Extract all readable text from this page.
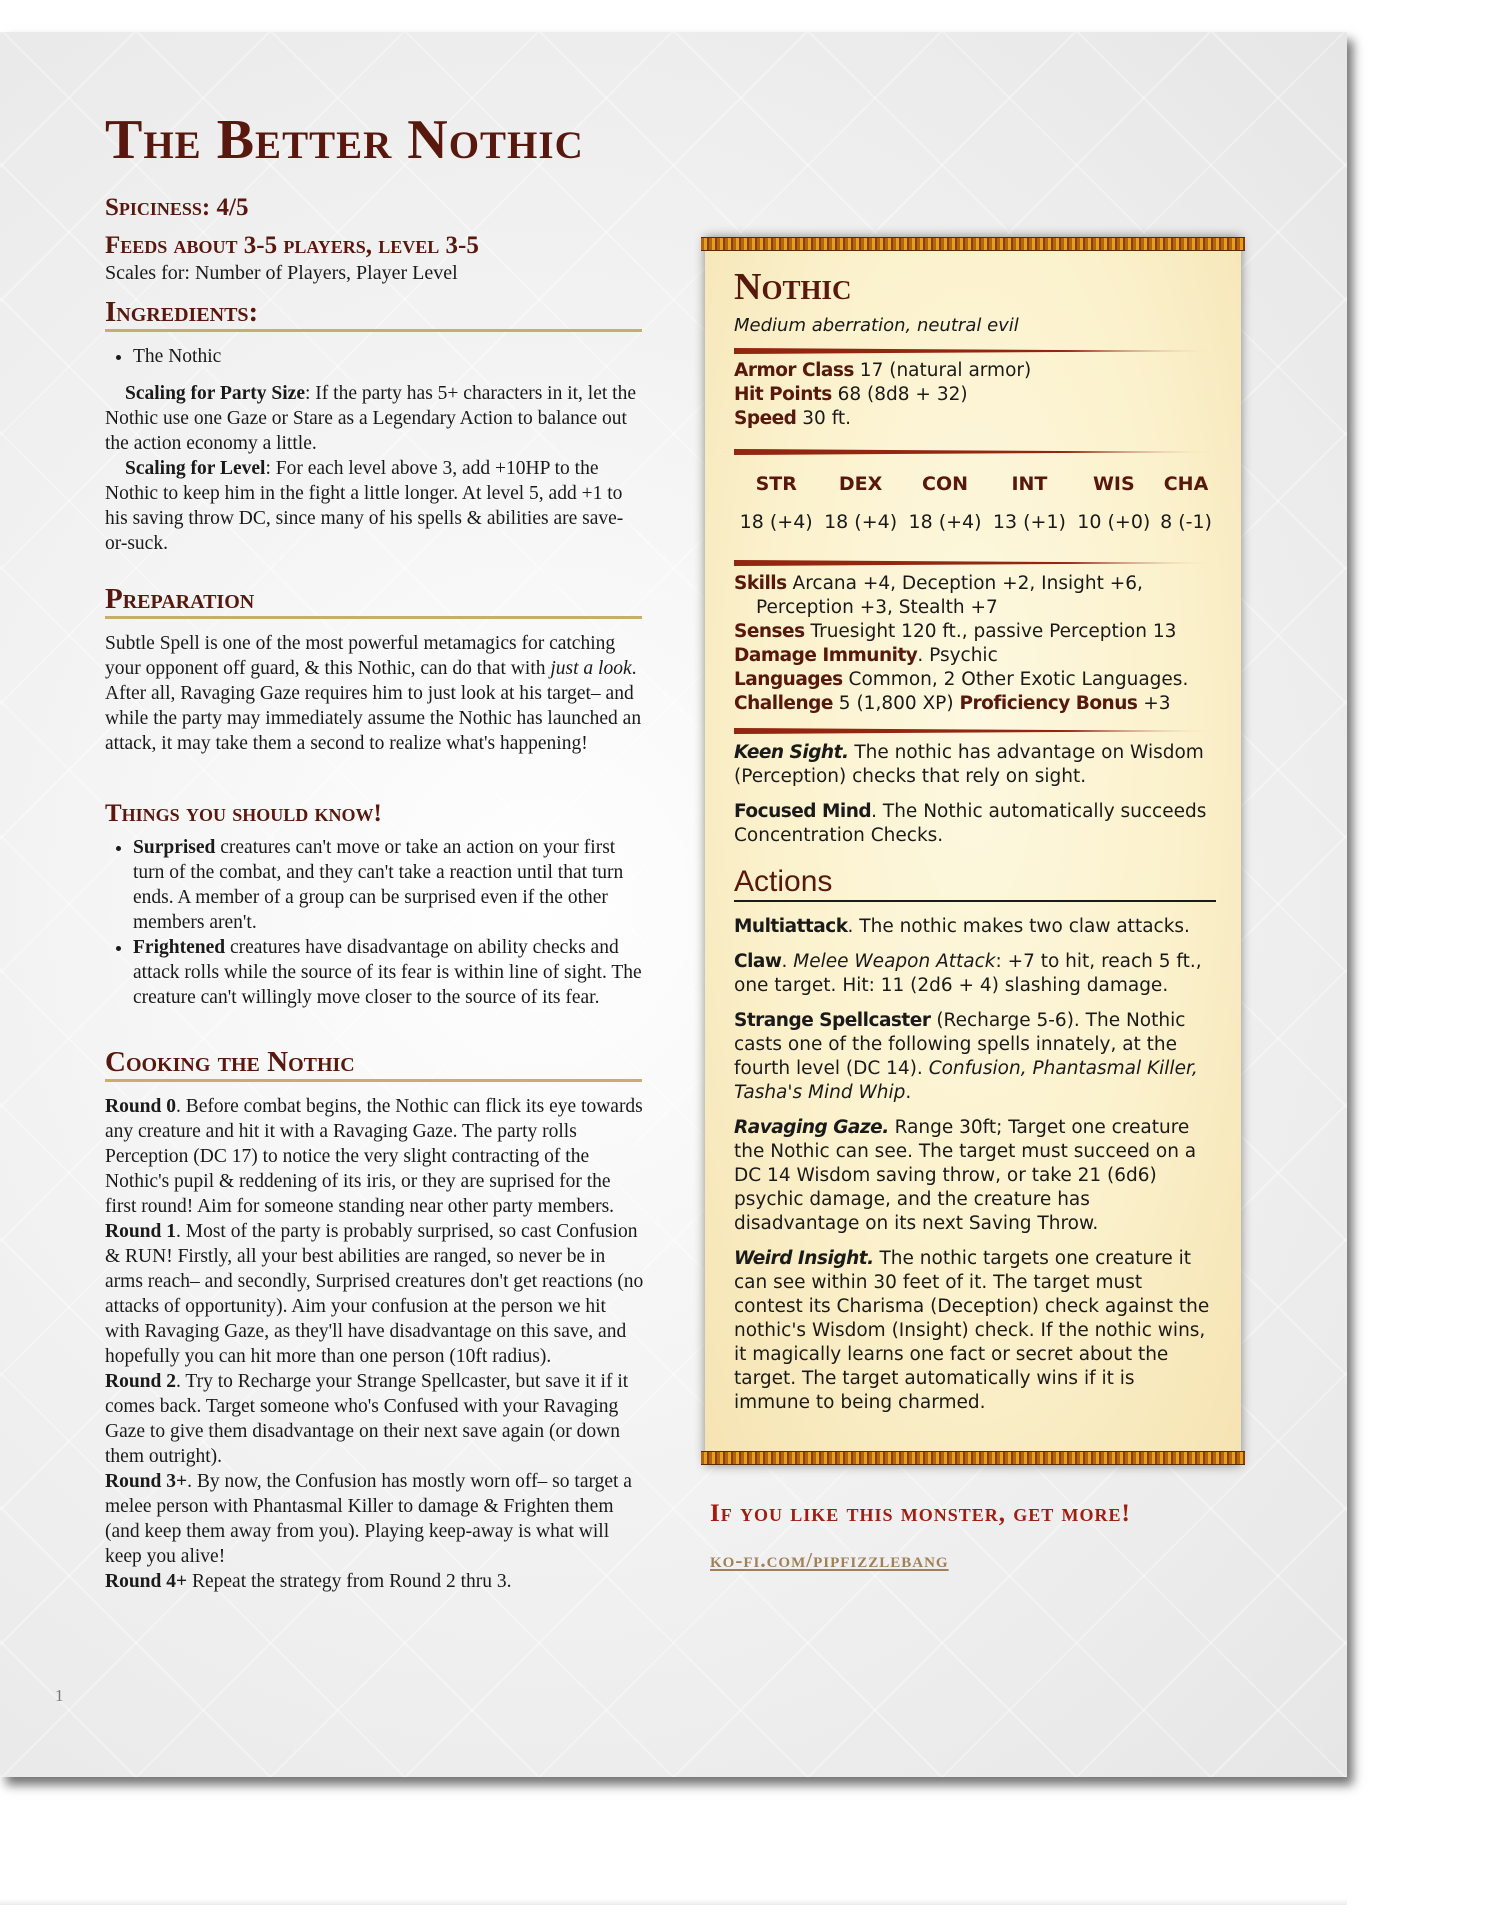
The Better Nothic
Spiciness: 4/5
Feeds about 3-5 players, level 3-5
Scales for: Number of Players, Player Level
Ingredients:
• The Nothic

Scaling for Party Size: If the party has 5+ characters in it, let the Nothic use one Gaze or Stare as a Legendary Action to balance out the action economy a little.

Scaling for Level: For each level above 3, add +10HP to the Nothic to keep him in the fight a little longer. At level 5, add +1 to his saving throw DC, since many of his spells & abilities are save-or-suck.

Preparation

Subtle Spell is one of the most powerful metamagics for catching your opponent off guard, & this Nothic, can do that with just a look. After all, Ravaging Gaze requires him to just look at his target– and while the party may immediately assume the Nothic has launched an attack, it may take them a second to realize what's happening!

Things you should know!
• Surprised creatures can't move or take an action on your first turn of the combat, and they can't take a reaction until that turn ends. A member of a group can be surprised even if the other members aren't.
• Frightened creatures have disadvantage on ability checks and attack rolls while the source of its fear is within line of sight. The creature can't willingly move closer to the source of its fear.
Cooking the Nothic

Round 0. Before combat begins, the Nothic can flick its eye towards any creature and hit it with a Ravaging Gaze. The party rolls Perception (DC 17) to notice the very slight contracting of the Nothic's pupil & reddening of its iris, or they are suprised for the first round! Aim for someone standing near other party members.

Round 1. Most of the party is probably surprised, so cast Confusion & RUN! Firstly, all your best abilities are ranged, so never be in arms reach– and secondly, Surprised creatures don't get reactions (no attacks of opportunity). Aim your confusion at the person we hit with Ravaging Gaze, as they'll have disadvantage on this save, and hopefully you can hit more than one person (10ft radius).

Round 2. Try to Recharge your Strange Spellcaster, but save it if it comes back. Target someone who's Confused with your Ravaging Gaze to give them disadvantage on their next save again (or down them outright).

Round 3+. By now, the Confusion has mostly worn off– so target a melee person with Phantasmal Killer to damage & Frighten them (and keep them away from you). Playing keep-away is what will keep you alive!

Round 4+ Repeat the strategy from Round 2 thru 3.

1
Nothic
Medium aberration, neutral evil
Armor Class 17 (natural armor)
Hit Points 68 (8d8 + 32)
Speed 30 ft.
STR	DEX	CON	INT	WIS	CHA
18 (+4)	18 (+4)	18 (+4)	13 (+1)	10 (+0)	8 (-1)
Skills Arcana +4, Deception +2, Insight +6,
Perception +3, Stealth +7
Senses Truesight 120 ft., passive Perception 13
Damage Immunity. Psychic
Languages Common, 2 Other Exotic Languages.
Challenge 5 (1,800 XP) Proficiency Bonus +3

Keen Sight. The nothic has advantage on Wisdom (Perception) checks that rely on sight.

Focused Mind. The Nothic automatically succeeds Concentration Checks.

Actions

Multiattack. The nothic makes two claw attacks.

Claw. Melee Weapon Attack: +7 to hit, reach 5 ft., one target. Hit: 11 (2d6 + 4) slashing damage.

Strange Spellcaster (Recharge 5-6). The Nothic casts one of the following spells innately, at the fourth level (DC 14). Confusion, Phantasmal Killer, Tasha's Mind Whip.

Ravaging Gaze. Range 30ft; Target one creature the Nothic can see. The target must succeed on a DC 14 Wisdom saving throw, or take 21 (6d6) psychic damage, and the creature has disadvantage on its next Saving Throw.

Weird Insight. The nothic targets one creature it can see within 30 feet of it. The target must contest its Charisma (Deception) check against the nothic's Wisdom (Insight) check. If the nothic wins, it magically learns one fact or secret about the target. The target automatically wins if it is immune to being charmed.

If you like this monster, get more!
ko-fi.com/pipfizzlebang
